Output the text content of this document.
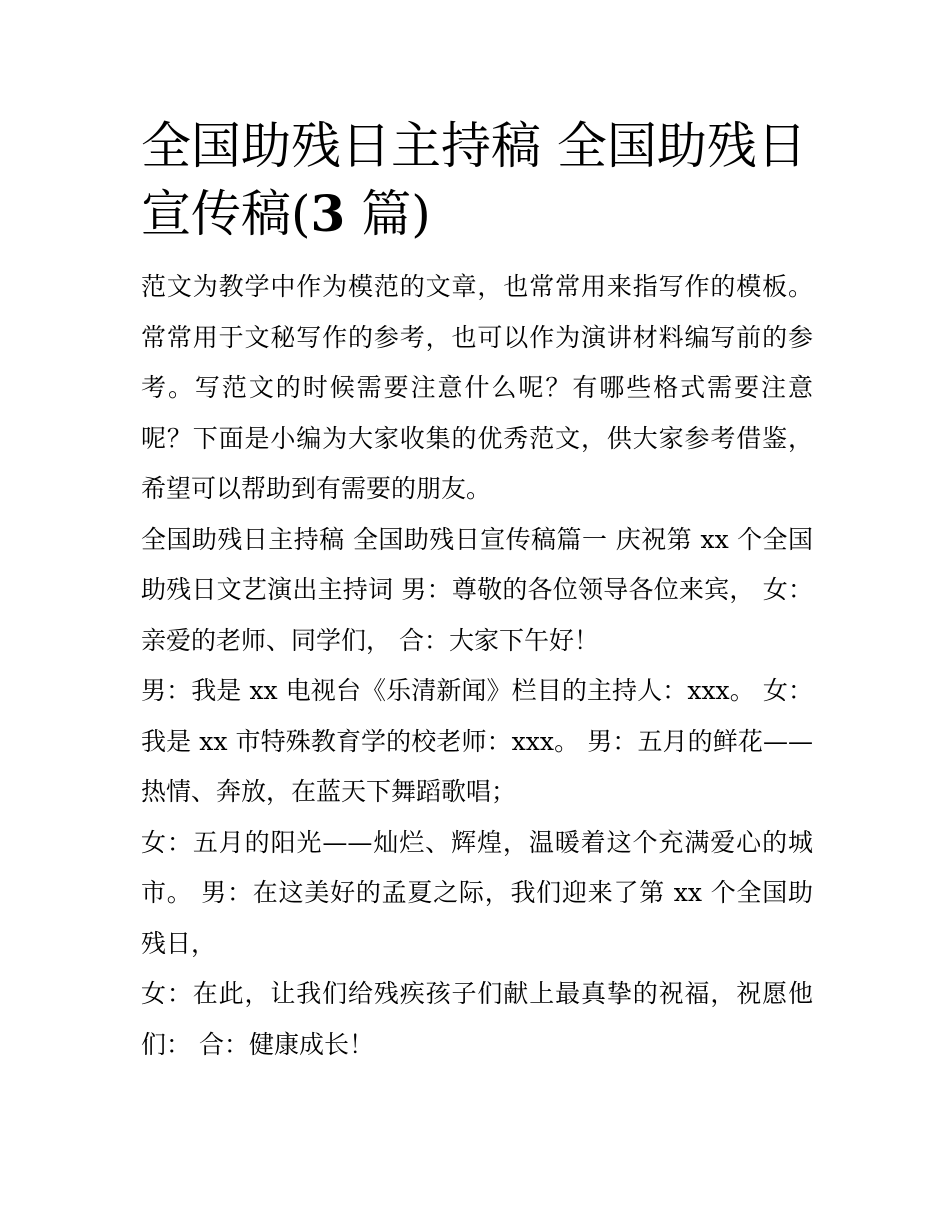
全国助残日主持稿 全国助残日宣传稿(3 篇)

范文为教学中作为模范的文章，也常常用来指写作的模板。常常用于文秘写作的参考，也可以作为演讲材料编写前的参考。写范文的时候需要注意什么呢？有哪些格式需要注意呢？下面是小编为大家收集的优秀范文，供大家参考借鉴，希望可以帮助到有需要的朋友。

全国助残日主持稿 全国助残日宣传稿篇一 庆祝第 xx 个全国助残日文艺演出主持词 男：尊敬的各位领导各位来宾， 女：亲爱的老师、同学们， 合：大家下午好！

男：我是 xx 电视台《乐清新闻》栏目的主持人：xxx。 女：我是 xx 市特殊教育学的校老师：xxx。 男：五月的鲜花——热情、奔放，在蓝天下舞蹈歌唱；

女：五月的阳光——灿烂、辉煌，温暖着这个充满爱心的城市。 男：在这美好的孟夏之际，我们迎来了第 xx 个全国助残日，

女：在此，让我们给残疾孩子们献上最真挚的祝福，祝愿他们： 合：健康成长！
